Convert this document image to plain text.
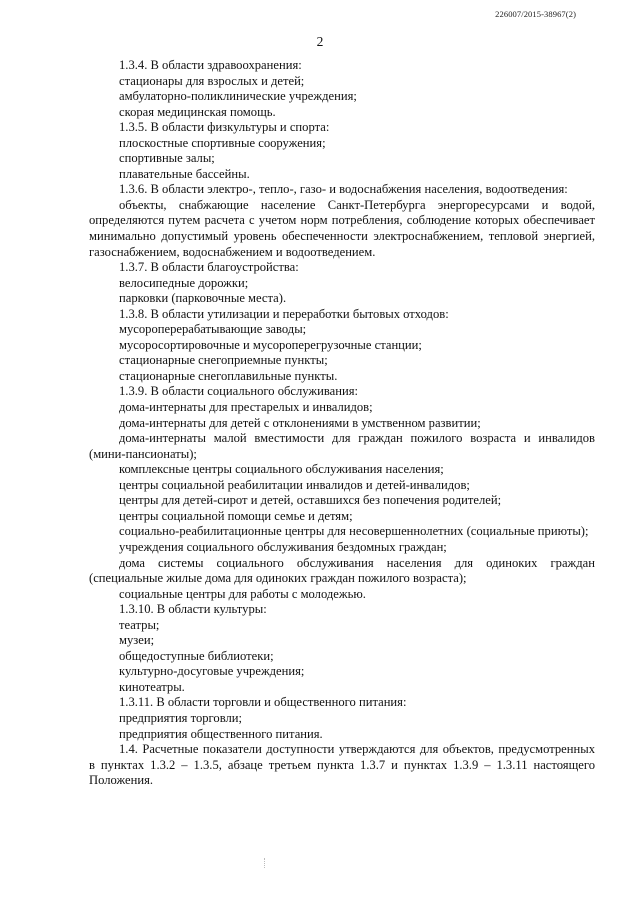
226007/2015-38967(2)
2

1.3.4. В области здравоохранения:

стационары для взрослых и детей;

амбулаторно-поликлинические учреждения;

скорая медицинская помощь.

1.3.5. В области физкультуры и спорта:

плоскостные спортивные сооружения;

спортивные залы;

плавательные бассейны.

1.3.6. В области электро-, тепло-, газо- и водоснабжения населения, водоотведения:

объекты, снабжающие население Санкт-Петербурга энергоресурсами и водой, определяются путем расчета с учетом норм потребления, соблюдение которых обеспечивает минимально допустимый уровень обеспеченности электроснабжением, тепловой энергией, газоснабжением, водоснабжением и водоотведением.

1.3.7. В области благоустройства:

велосипедные дорожки;

парковки (парковочные места).

1.3.8. В области утилизации и переработки бытовых отходов:

мусороперерабатывающие заводы;

мусоросортировочные и мусороперегрузочные станции;

стационарные снегоприемные пункты;

стационарные снегоплавильные пункты.

1.3.9. В области социального обслуживания:

дома-интернаты для престарелых и инвалидов;

дома-интернаты для детей с отклонениями в умственном развитии;

дома-интернаты малой вместимости для граждан пожилого возраста и инвалидов (мини-пансионаты);

комплексные центры социального обслуживания населения;

центры социальной реабилитации инвалидов и детей-инвалидов;

центры для детей-сирот и детей, оставшихся без попечения родителей;

центры социальной помощи семье и детям;

социально-реабилитационные центры для несовершеннолетних (социальные приюты);

учреждения социального обслуживания бездомных граждан;

дома системы социального обслуживания населения для одиноких граждан (специальные жилые дома для одиноких граждан пожилого возраста);

социальные центры для работы с молодежью.

1.3.10. В области культуры:

театры;

музеи;

общедоступные библиотеки;

культурно-досуговые учреждения;

кинотеатры.

1.3.11. В области торговли и общественного питания:

предприятия торговли;

предприятия общественного питания.

1.4. Расчетные показатели доступности утверждаются для объектов, предусмотренных в пунктах 1.3.2 – 1.3.5, абзаце третьем пункта 1.3.7 и пунктах 1.3.9 – 1.3.11 настоящего Положения.
